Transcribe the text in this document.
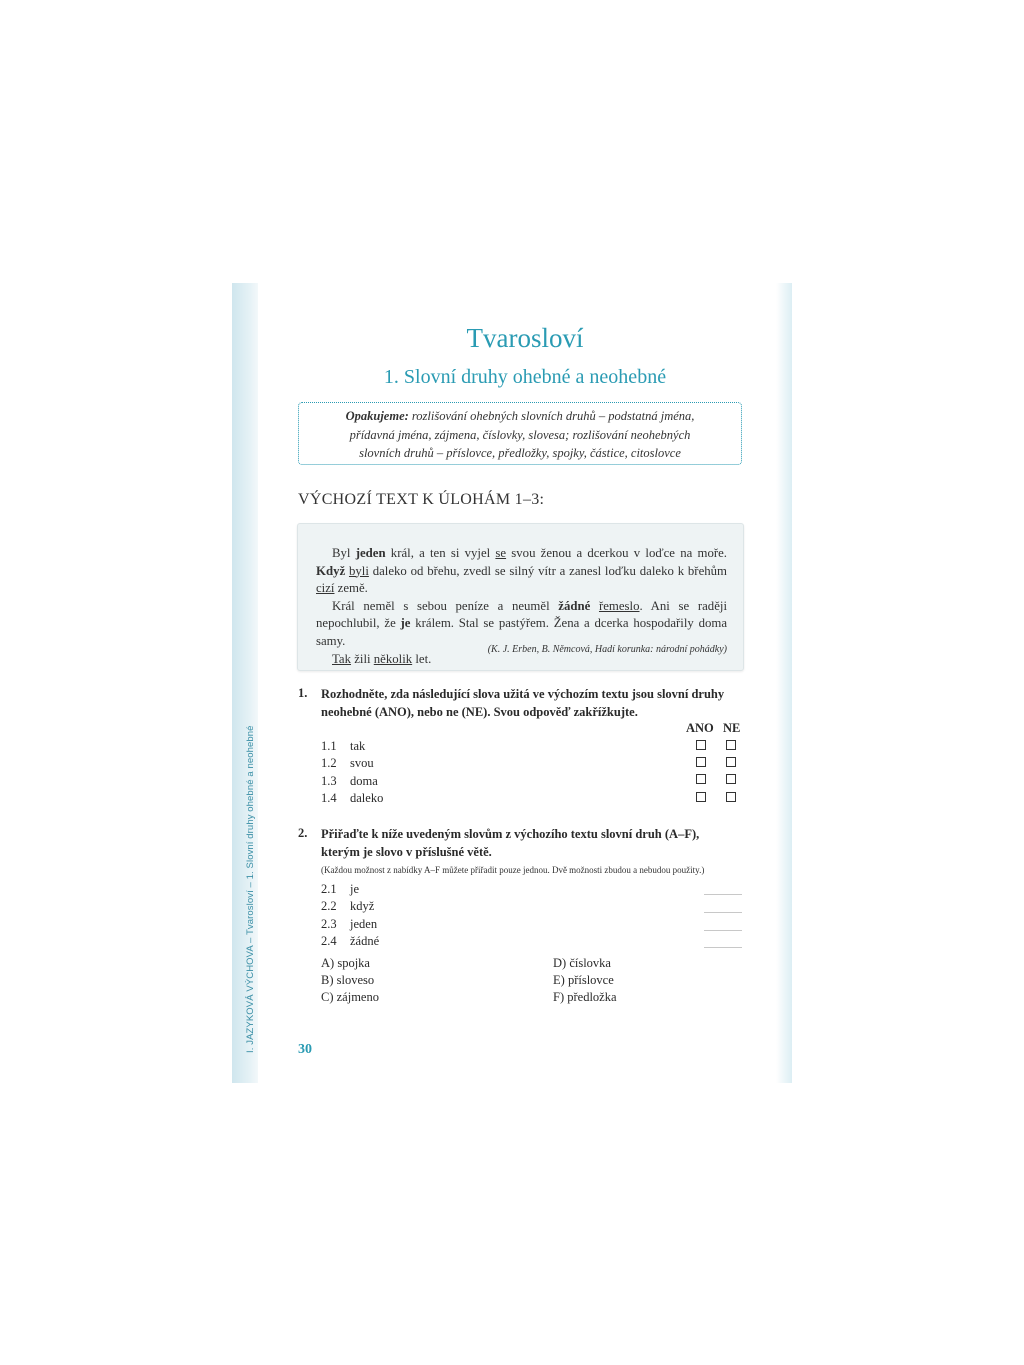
I. JAZYKOVÁ VÝCHOVA – Tvarosloví – 1. Slovní druhy ohebné a neohebné
Tvarosloví
1. Slovní druhy ohebné a neohebné
Opakujeme: rozlišování ohebných slovních druhů – podstatná jména,
přídavná jména, zájmena, číslovky, slovesa; rozlišování neohebných
slovních druhů – příslovce, předložky, spojky, částice, citoslovce
VÝCHOZÍ TEXT K ÚLOHÁM 1–3:

Byl jeden král, a ten si vyjel se svou ženou a dcerkou v loďce na moře. Když byli daleko od břehu, zvedl se silný vítr a zanesl loďku daleko k břehům cizí země.

Král neměl s sebou peníze a neuměl žádné řemeslo. Ani se raději nepochlubil, že je králem. Stal se pastýřem. Žena a dcerka hospodařily doma samy.

Tak žili několik let.

(K. J. Erben, B. Němcová, Hadí korunka: národní pohádky)
1. Rozhodněte, zda následující slova užitá ve výchozím textu jsou slovní druhy
neohebné (ANO), nebo ne (NE). Svou odpověď zakřížkujte.
ANO NE
1.1 tak
1.2 svou
1.3 doma
1.4 daleko
2. Přiřaďte k níže uvedeným slovům z výchozího textu slovní druh (A–F),
kterým je slovo v příslušné větě.
(Každou možnost z nabídky A–F můžete přiřadit pouze jednou. Dvě možnosti zbudou a nebudou použity.)
2.1 je
2.2 když
2.3 jeden
2.4 žádné
A) spojka
B) sloveso
C) zájmeno
D) číslovka
E) příslovce
F) předložka
30
